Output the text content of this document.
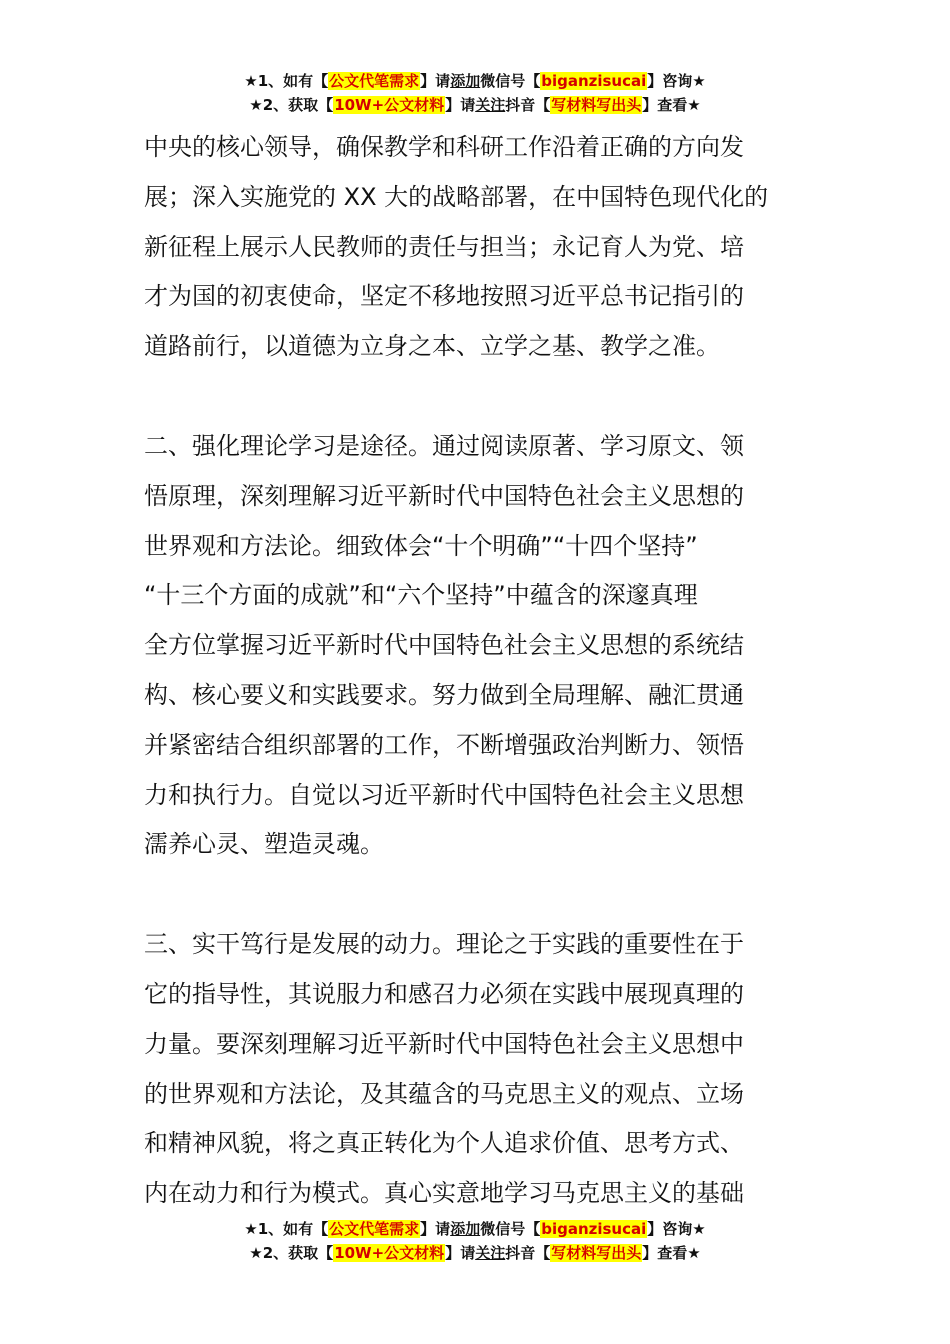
★1、如有【公文代笔需求】请添加微信号【biganzisucai】咨询★
★2、获取【10W+公文材料】请关注抖音【写材料写出头】查看★
中央的核心领导，确保教学和科研工作沿着正确的方向发
展；深入实施党的 XX 大的战略部署，在中国特色现代化的
新征程上展示人民教师的责任与担当；永记育人为党、培
才为国的初衷使命，坚定不移地按照习近平总书记指引的
道路前行，以道德为立身之本、立学之基、教学之准。
二、强化理论学习是途径。通过阅读原著、学习原文、领
悟原理，深刻理解习近平新时代中国特色社会主义思想的
世界观和方法论。细致体会“十个明确”“十四个坚持”
“十三个方面的成就”和“六个坚持”中蕴含的深邃真理
全方位掌握习近平新时代中国特色社会主义思想的系统结
构、核心要义和实践要求。努力做到全局理解、融汇贯通
并紧密结合组织部署的工作，不断增强政治判断力、领悟
力和执行力。自觉以习近平新时代中国特色社会主义思想
濡养心灵、塑造灵魂。
三、实干笃行是发展的动力。理论之于实践的重要性在于
它的指导性，其说服力和感召力必须在实践中展现真理的
力量。要深刻理解习近平新时代中国特色社会主义思想中
的世界观和方法论，及其蕴含的马克思主义的观点、立场
和精神风貌，将之真正转化为个人追求价值、思考方式、
内在动力和行为模式。真心实意地学习马克思主义的基础
★1、如有【公文代笔需求】请添加微信号【biganzisucai】咨询★
★2、获取【10W+公文材料】请关注抖音【写材料写出头】查看★
